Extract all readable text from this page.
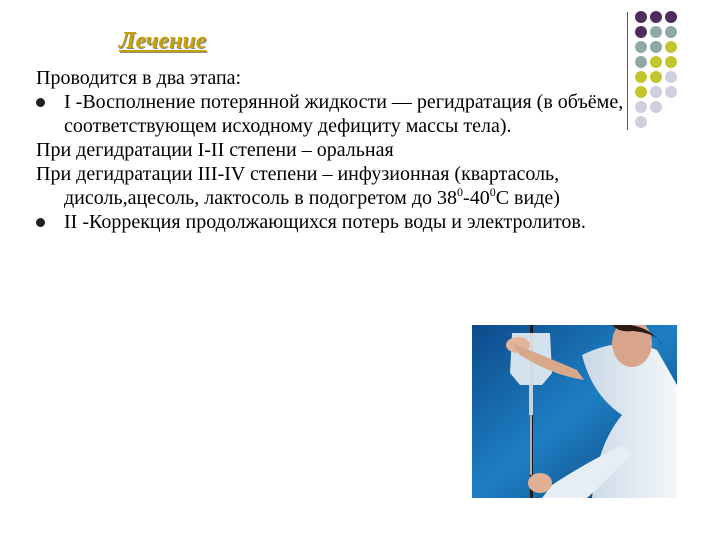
Лечение

Проводится в два этапа:

I -Восполнение потерянной жидкости — регидратация (в объёме, соответствующем исходному дефициту массы тела).

При дегидратации I-II степени – оральная

При дегидратации III-IV степени – инфузионная (квартасоль, дисоль,ацесоль, лактосоль в подогретом до $38^0-40^0С$ виде)

II -Коррекция продолжающихся потерь воды и электролитов.
